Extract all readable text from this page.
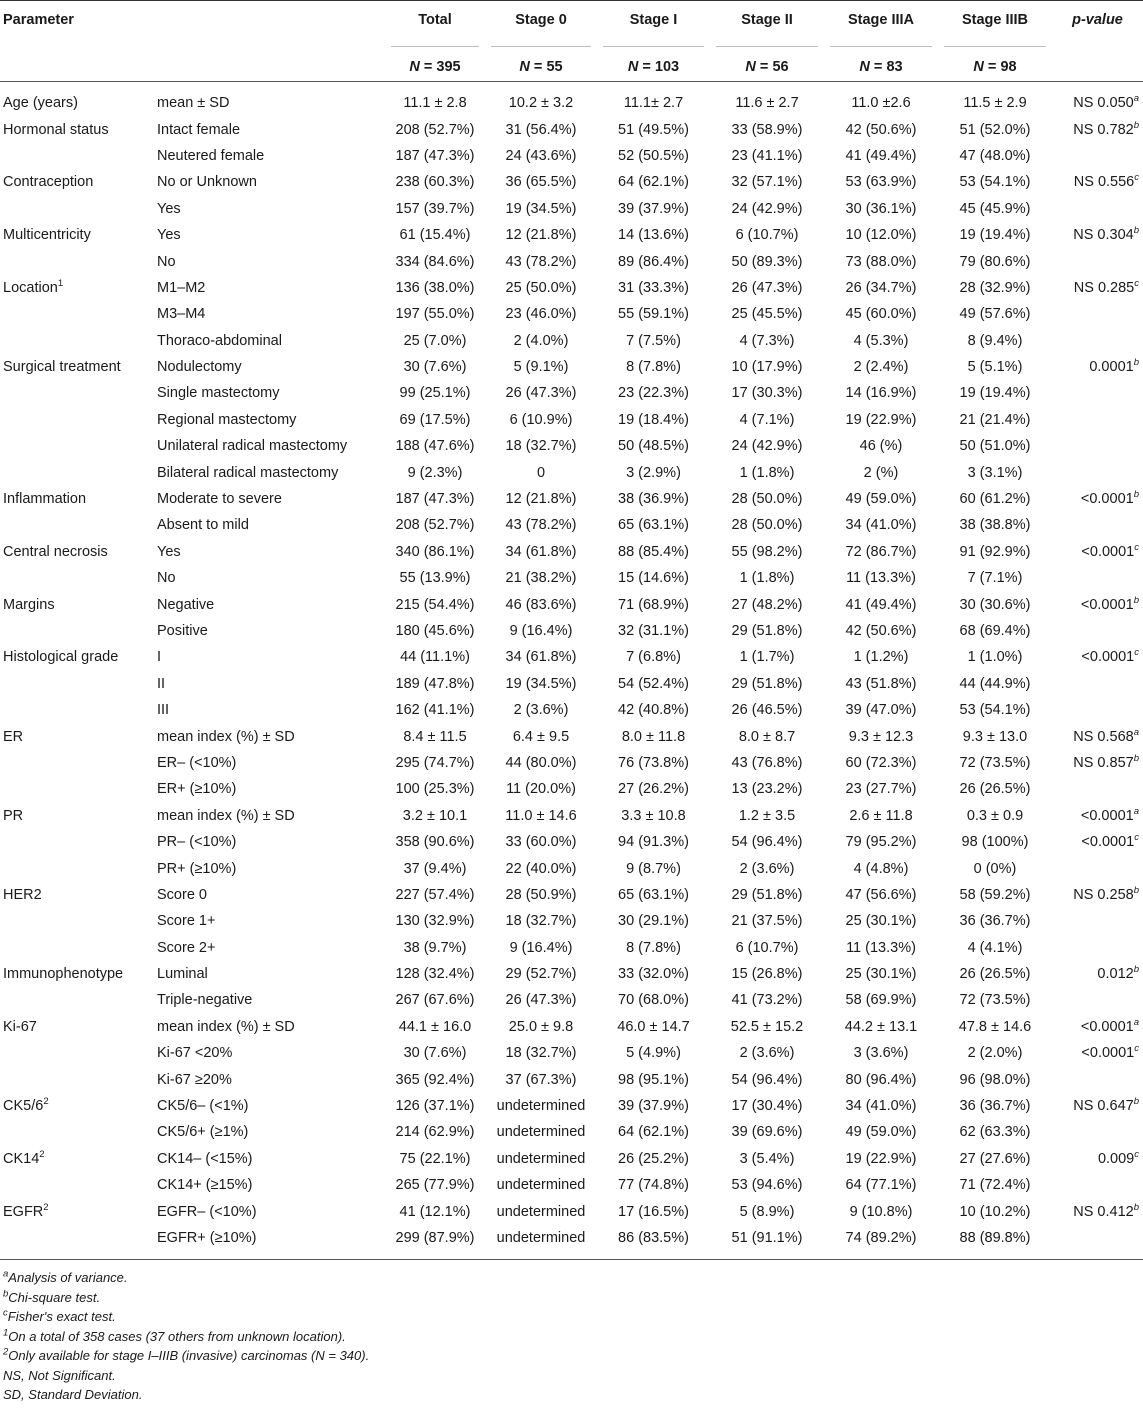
Parameter		Total	Stage 0	Stage I	Stage II	Stage IIIA	Stage IIIB	p-value
		N = 395	N = 55	N = 103	N = 56	N = 83	N = 98	

Age (years)	mean ± SD	11.1 ± 2.8	10.2 ± 3.2	11.1± 2.7	11.6 ± 2.7	11.0 ±2.6	11.5 ± 2.9	NS 0.050$^a$
Hormonal status	Intact female	208 (52.7%)	31 (56.4%)	51 (49.5%)	33 (58.9%)	42 (50.6%)	51 (52.0%)	NS 0.782$^b$
	Neutered female	187 (47.3%)	24 (43.6%)	52 (50.5%)	23 (41.1%)	41 (49.4%)	47 (48.0%)	
Contraception	No or Unknown	238 (60.3%)	36 (65.5%)	64 (62.1%)	32 (57.1%)	53 (63.9%)	53 (54.1%)	NS 0.556$^c$
	Yes	157 (39.7%)	19 (34.5%)	39 (37.9%)	24 (42.9%)	30 (36.1%)	45 (45.9%)	
Multicentricity	Yes	61 (15.4%)	12 (21.8%)	14 (13.6%)	6 (10.7%)	10 (12.0%)	19 (19.4%)	NS 0.304$^b$
	No	334 (84.6%)	43 (78.2%)	89 (86.4%)	50 (89.3%)	73 (88.0%)	79 (80.6%)	
Location$^1$	M1–M2	136 (38.0%)	25 (50.0%)	31 (33.3%)	26 (47.3%)	26 (34.7%)	28 (32.9%)	NS 0.285$^c$
	M3–M4	197 (55.0%)	23 (46.0%)	55 (59.1%)	25 (45.5%)	45 (60.0%)	49 (57.6%)	
	Thoraco-abdominal	25 (7.0%)	2 (4.0%)	7 (7.5%)	4 (7.3%)	4 (5.3%)	8 (9.4%)	
Surgical treatment	Nodulectomy	30 (7.6%)	5 (9.1%)	8 (7.8%)	10 (17.9%)	2 (2.4%)	5 (5.1%)	0.0001$^b$
	Single mastectomy	99 (25.1%)	26 (47.3%)	23 (22.3%)	17 (30.3%)	14 (16.9%)	19 (19.4%)	
	Regional mastectomy	69 (17.5%)	6 (10.9%)	19 (18.4%)	4 (7.1%)	19 (22.9%)	21 (21.4%)	
	Unilateral radical mastectomy	188 (47.6%)	18 (32.7%)	50 (48.5%)	24 (42.9%)	46 (%)	50 (51.0%)	
	Bilateral radical mastectomy	9 (2.3%)	0	3 (2.9%)	1 (1.8%)	2 (%)	3 (3.1%)	
Inflammation	Moderate to severe	187 (47.3%)	12 (21.8%)	38 (36.9%)	28 (50.0%)	49 (59.0%)	60 (61.2%)	<0.0001$^b$
	Absent to mild	208 (52.7%)	43 (78.2%)	65 (63.1%)	28 (50.0%)	34 (41.0%)	38 (38.8%)	
Central necrosis	Yes	340 (86.1%)	34 (61.8%)	88 (85.4%)	55 (98.2%)	72 (86.7%)	91 (92.9%)	<0.0001$^c$
	No	55 (13.9%)	21 (38.2%)	15 (14.6%)	1 (1.8%)	11 (13.3%)	7 (7.1%)	
Margins	Negative	215 (54.4%)	46 (83.6%)	71 (68.9%)	27 (48.2%)	41 (49.4%)	30 (30.6%)	<0.0001$^b$
	Positive	180 (45.6%)	9 (16.4%)	32 (31.1%)	29 (51.8%)	42 (50.6%)	68 (69.4%)	
Histological grade	I	44 (11.1%)	34 (61.8%)	7 (6.8%)	1 (1.7%)	1 (1.2%)	1 (1.0%)	<0.0001$^c$
	II	189 (47.8%)	19 (34.5%)	54 (52.4%)	29 (51.8%)	43 (51.8%)	44 (44.9%)	
	III	162 (41.1%)	2 (3.6%)	42 (40.8%)	26 (46.5%)	39 (47.0%)	53 (54.1%)	
ER	mean index (%) ± SD	8.4 ± 11.5	6.4 ± 9.5	8.0 ± 11.8	8.0 ± 8.7	9.3 ± 12.3	9.3 ± 13.0	NS 0.568$^a$
	ER– (<10%)	295 (74.7%)	44 (80.0%)	76 (73.8%)	43 (76.8%)	60 (72.3%)	72 (73.5%)	NS 0.857$^b$
	ER+ (≥10%)	100 (25.3%)	11 (20.0%)	27 (26.2%)	13 (23.2%)	23 (27.7%)	26 (26.5%)	
PR	mean index (%) ± SD	3.2 ± 10.1	11.0 ± 14.6	3.3 ± 10.8	1.2 ± 3.5	2.6 ± 11.8	0.3 ± 0.9	<0.0001$^a$
	PR– (<10%)	358 (90.6%)	33 (60.0%)	94 (91.3%)	54 (96.4%)	79 (95.2%)	98 (100%)	<0.0001$^c$
	PR+ (≥10%)	37 (9.4%)	22 (40.0%)	9 (8.7%)	2 (3.6%)	4 (4.8%)	0 (0%)	
HER2	Score 0	227 (57.4%)	28 (50.9%)	65 (63.1%)	29 (51.8%)	47 (56.6%)	58 (59.2%)	NS 0.258$^b$
	Score 1+	130 (32.9%)	18 (32.7%)	30 (29.1%)	21 (37.5%)	25 (30.1%)	36 (36.7%)	
	Score 2+	38 (9.7%)	9 (16.4%)	8 (7.8%)	6 (10.7%)	11 (13.3%)	4 (4.1%)	
Immunophenotype	Luminal	128 (32.4%)	29 (52.7%)	33 (32.0%)	15 (26.8%)	25 (30.1%)	26 (26.5%)	0.012$^b$
	Triple-negative	267 (67.6%)	26 (47.3%)	70 (68.0%)	41 (73.2%)	58 (69.9%)	72 (73.5%)	
Ki-67	mean index (%) ± SD	44.1 ± 16.0	25.0 ± 9.8	46.0 ± 14.7	52.5 ± 15.2	44.2 ± 13.1	47.8 ± 14.6	<0.0001$^a$
	Ki-67 <20%	30 (7.6%)	18 (32.7%)	5 (4.9%)	2 (3.6%)	3 (3.6%)	2 (2.0%)	<0.0001$^c$
	Ki-67 ≥20%	365 (92.4%)	37 (67.3%)	98 (95.1%)	54 (96.4%)	80 (96.4%)	96 (98.0%)	
$CK5/6^2$	CK5/6– (<1%)	126 (37.1%)	undetermined	39 (37.9%)	17 (30.4%)	34 (41.0%)	36 (36.7%)	NS 0.647$^b$
	CK5/6+ (≥1%)	214 (62.9%)	undetermined	64 (62.1%)	39 (69.6%)	49 (59.0%)	62 (63.3%)	
$CK14^2$	CK14– (<15%)	75 (22.1%)	undetermined	26 (25.2%)	3 (5.4%)	19 (22.9%)	27 (27.6%)	0.009$^c$
	CK14+ (≥15%)	265 (77.9%)	undetermined	77 (74.8%)	53 (94.6%)	64 (77.1%)	71 (72.4%)	
EGFR$^2$	EGFR– (<10%)	41 (12.1%)	undetermined	17 (16.5%)	5 (8.9%)	9 (10.8%)	10 (10.2%)	NS 0.412$^b$
	EGFR+ (≥10%)	299 (87.9%)	undetermined	86 (83.5%)	51 (91.1%)	74 (89.2%)	88 (89.8%)	

$^a$Analysis of variance.
$^b$Chi-square test.
$^c$Fisher's exact test.
$^1$On a total of 358 cases (37 others from unknown location).
$^2$Only available for stage I–IIIB (invasive) carcinomas (N = 340).
NS, Not Significant.
SD, Standard Deviation.
